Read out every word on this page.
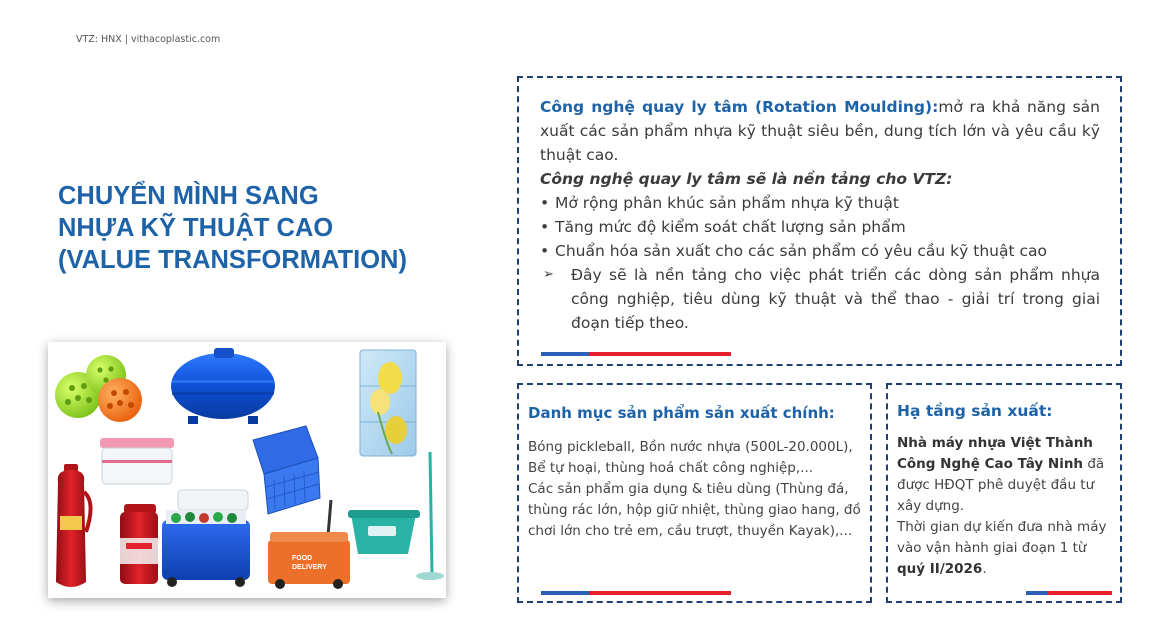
VTZ: HNX | vithacoplastic.com
CHUYỂN MÌNH SANG
NHỰA KỸ THUẬT CAO
(VALUE TRANSFORMATION)
FOOD
DELIVERY
Công nghệ quay ly tâm (Rotation Moulding):mở ra khả năng sản xuất các sản phẩm nhựa kỹ thuật siêu bền, dung tích lớn và yêu cầu kỹ thuật cao.
Công nghệ quay ly tâm sẽ là nền tảng cho VTZ:
• Mở rộng phân khúc sản phẩm nhựa kỹ thuật
• Tăng mức độ kiểm soát chất lượng sản phẩm
• Chuẩn hóa sản xuất cho các sản phẩm có yêu cầu kỹ thuật cao
➢ Đây sẽ là nền tảng cho việc phát triển các dòng sản phẩm nhựa công nghiệp, tiêu dùng kỹ thuật và thể thao - giải trí trong giai đoạn tiếp theo.
Danh mục sản phẩm sản xuất chính:
Bóng pickleball, Bồn nước nhựa (500L-20.000L), Bể tự hoại, thùng hoá chất công nghiệp,...
Các sản phẩm gia dụng & tiêu dùng (Thùng đá, thùng rác lớn, hộp giữ nhiệt, thùng giao hang, đồ chơi lớn cho trẻ em, cầu trượt, thuyền Kayak),...
Hạ tầng sản xuất:
Nhà máy nhựa Việt Thành Công Nghệ Cao Tây Ninh đã được HĐQT phê duyệt đầu tư xây dựng.
Thời gian dự kiến đưa nhà máy vào vận hành giai đoạn 1 từ quý II/2026.
